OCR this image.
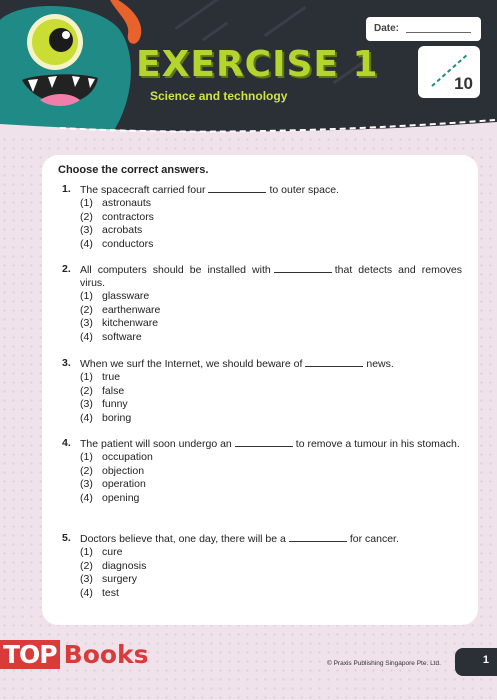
EXERCISE 1
Science and technology
Date:
10
Choose the correct answers.
1. The spacecraft carried four	to outer space.
(1) astronauts
(2) contractors
(3) acrobats
(4) conductors
2. All computers should be installed with	that detects and removes virus.
(1) glassware
(2) earthenware
(3) kitchenware
(4) software
3. When we surf the Internet, we should beware of	news.
(1) true
(2) false
(3) funny
(4) boring
4. The patient will soon undergo an	to remove a tumour in his stomach.
(1) occupation
(2) objection
(3) operation
(4) opening
5. Doctors believe that, one day, there will be a	for cancer.
(1) cure
(2) diagnosis
(3) surgery
(4) test
TOP Books	© Praxis Publishing Singapore Pte. Ltd.	1
